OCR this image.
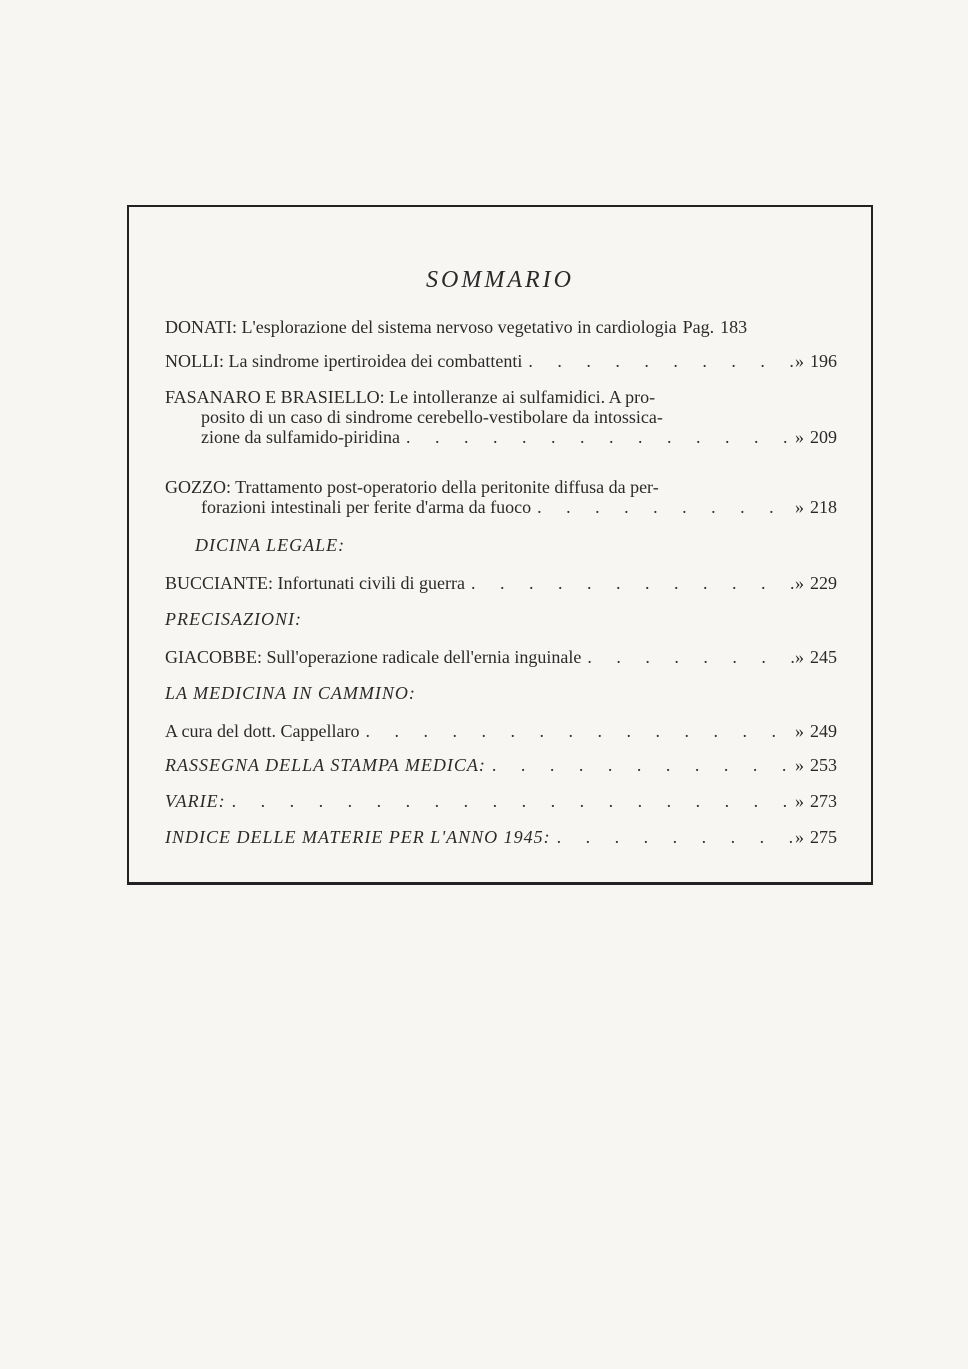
SOMMARIO
DONATI: L'esplorazione del sistema nervoso vegetativo in cardiologia Pag. 183
NOLLI: La sindrome ipertiroidea dei combattenti . . .	» 196
FASANARO E BRASIELLO: Le intolleranze ai sulfamidici. A pro-
posito di un caso di sindrome cerebello-vestibolare da intossica-
zione da sulfamido-piridina . . .	» 209
GOZZO: Trattamento post-operatorio della peritonite diffusa da per-
forazioni intestinali per ferite d'arma da fuoco . . .	» 218
DICINA LEGALE:
BUCCIANTE: Infortunati civili di guerra . . .	» 229
PRECISAZIONI:
GIACOBBE: Sull'operazione radicale dell'ernia inguinale . . .	» 245
LA MEDICINA IN CAMMINO:
A cura del dott. Cappellaro . . .	» 249
RASSEGNA DELLA STAMPA MEDICA: . . .	» 253
VARIE: . . .	» 273
INDICE DELLE MATERIE PER L'ANNO 1945: . . .	» 275
